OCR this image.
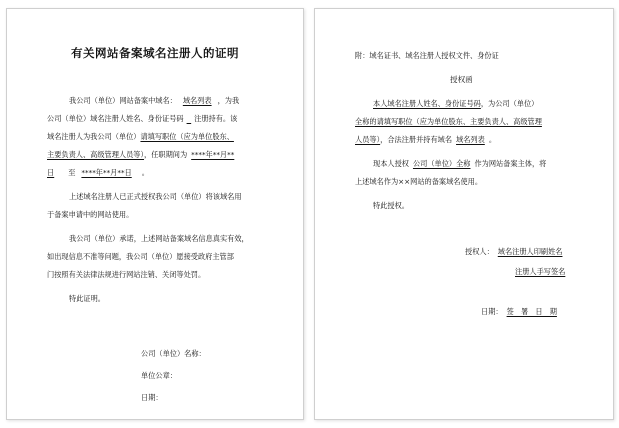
有关网站备案域名注册人的证明
我公司（单位）网站备案中域名： 域名列表 ，为我
公司（单位）域名注册人姓名、身份证号码 注册持有。该
域名注册人为我公司（单位）请填写职位（应为单位股东、
主要负责人、高级管理人员等），任职期间为 ****年**月**
日 至 ****年**月**日 。
上述域名注册人已正式授权我公司（单位）将该域名用
于备案申请中的网站使用。
我公司（单位）承诺，上述网站备案域名信息真实有效，
如出现信息不准等问题，我公司（单位）愿接受政府主管部
门按照有关法律法规进行网站注销、关闭等处罚。
特此证明。
公司（单位）名称：
单位公章：
日期：
附：域名证书、域名注册人授权文件、身份证
授权函
本人域名注册人姓名、身份证号码，为公司（单位）
全称的请填写职位（应为单位股东、主要负责人、高级管理
人员等），合法注册并持有域名 域名列表 。
现本人授权 公司（单位）全称 作为网站备案主体，将
上述域名作为××网站的备案域名使用。
特此授权。
授权人： 域名注册人印刷姓名
注册人手写签名
日期： 签　署　日　期
